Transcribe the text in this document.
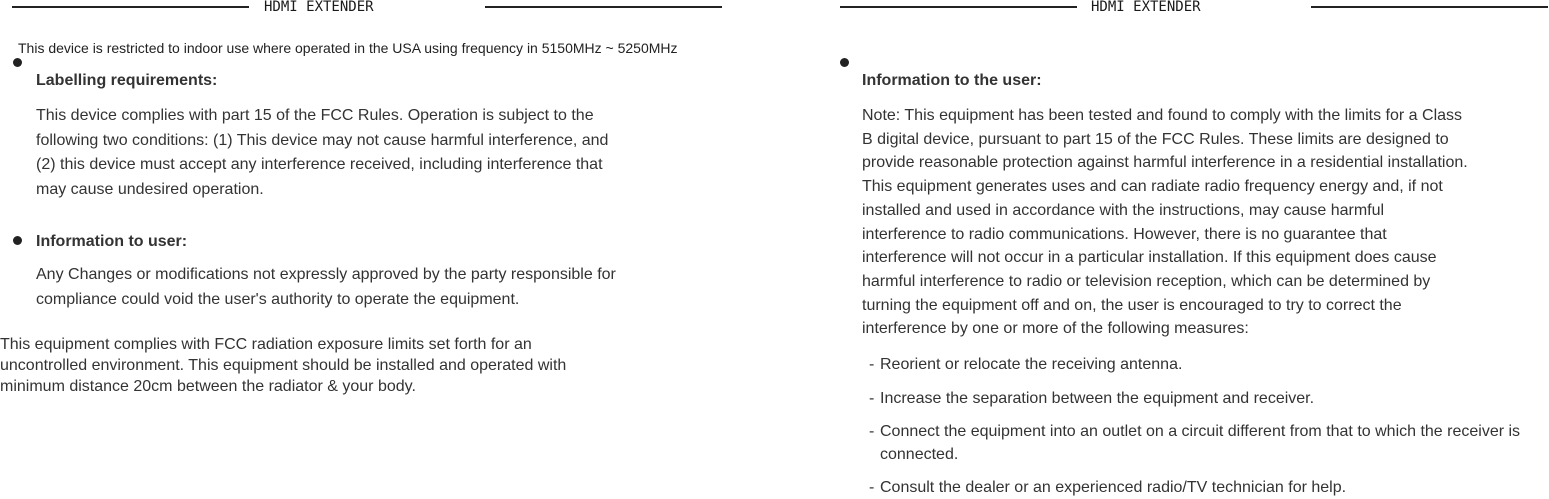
HDMI EXTENDER	HDMI EXTENDER
This device is restricted to indoor use where operated in the USA using frequency in 5150MHz ~ 5250MHz
Labelling requirements:
This device complies with part 15 of the FCC Rules. Operation is subject to the
following two conditions: (1) This device may not cause harmful interference, and
(2) this device must accept any interference received, including interference that
may cause undesired operation.
Information to user:
Any Changes or modifications not expressly approved by the party responsible for
compliance could void the user's authority to operate the equipment.
This equipment complies with FCC radiation exposure limits set forth for an
uncontrolled environment. This equipment should be installed and operated with
minimum distance 20cm between the radiator & your body.
Information to the user:
Note: This equipment has been tested and found to comply with the limits for a Class
B digital device, pursuant to part 15 of the FCC Rules. These limits are designed to
provide reasonable protection against harmful interference in a residential installation.
This equipment generates uses and can radiate radio frequency energy and, if not
installed and used in accordance with the instructions, may cause harmful
interference to radio communications. However, there is no guarantee that
interference will not occur in a particular installation. If this equipment does cause
harmful interference to radio or television reception, which can be determined by
turning the equipment off and on, the user is encouraged to try to correct the
interference by one or more of the following measures:
- Reorient or relocate the receiving antenna.
- Increase the separation between the equipment and receiver.
- Connect the equipment into an outlet on a circuit different from that to which the receiver is connected.
- Consult the dealer or an experienced radio/TV technician for help.
